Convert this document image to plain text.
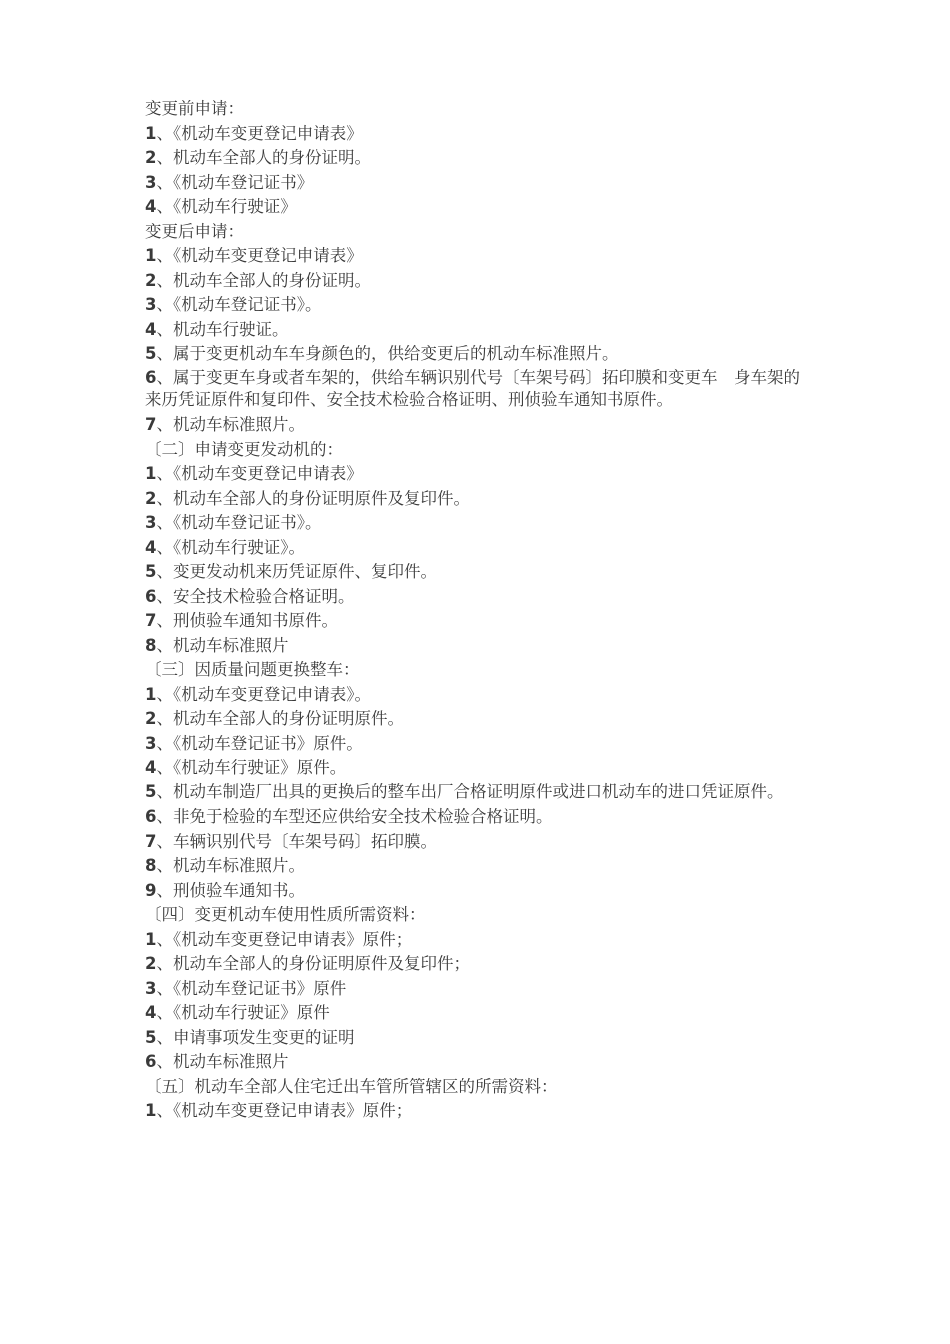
变更前申请：
1、《机动车变更登记申请表》
2、机动车全部人的身份证明。
3、《机动车登记证书》
4、《机动车行驶证》
变更后申请：
1、《机动车变更登记申请表》
2、机动车全部人的身份证明。
3、《机动车登记证书》。
4、机动车行驶证。
5、属于变更机动车车身颜色的，供给变更后的机动车标准照片。
6、属于变更车身或者车架的，供给车辆识别代号〔车架号码〕拓印膜和变更车　身车架的来历凭证原件和复印件、安全技术检验合格证明、刑侦验车通知书原件。
7、机动车标准照片。
〔二〕申请变更发动机的：
1、《机动车变更登记申请表》
2、机动车全部人的身份证明原件及复印件。
3、《机动车登记证书》。
4、《机动车行驶证》。
5、变更发动机来历凭证原件、复印件。
6、安全技术检验合格证明。
7、刑侦验车通知书原件。
8、机动车标准照片
〔三〕因质量问题更换整车：
1、《机动车变更登记申请表》。
2、机动车全部人的身份证明原件。
3、《机动车登记证书》原件。
4、《机动车行驶证》原件。
5、机动车制造厂出具的更换后的整车出厂合格证明原件或进口机动车的进口凭证原件。
6、非免于检验的车型还应供给安全技术检验合格证明。
7、车辆识别代号〔车架号码〕拓印膜。
8、机动车标准照片。
9、刑侦验车通知书。
〔四〕变更机动车使用性质所需资料：
1、《机动车变更登记申请表》原件；
2、机动车全部人的身份证明原件及复印件；
3、《机动车登记证书》原件
4、《机动车行驶证》原件
5、申请事项发生变更的证明
6、机动车标准照片
〔五〕机动车全部人住宅迁出车管所管辖区的所需资料：
1、《机动车变更登记申请表》原件；
